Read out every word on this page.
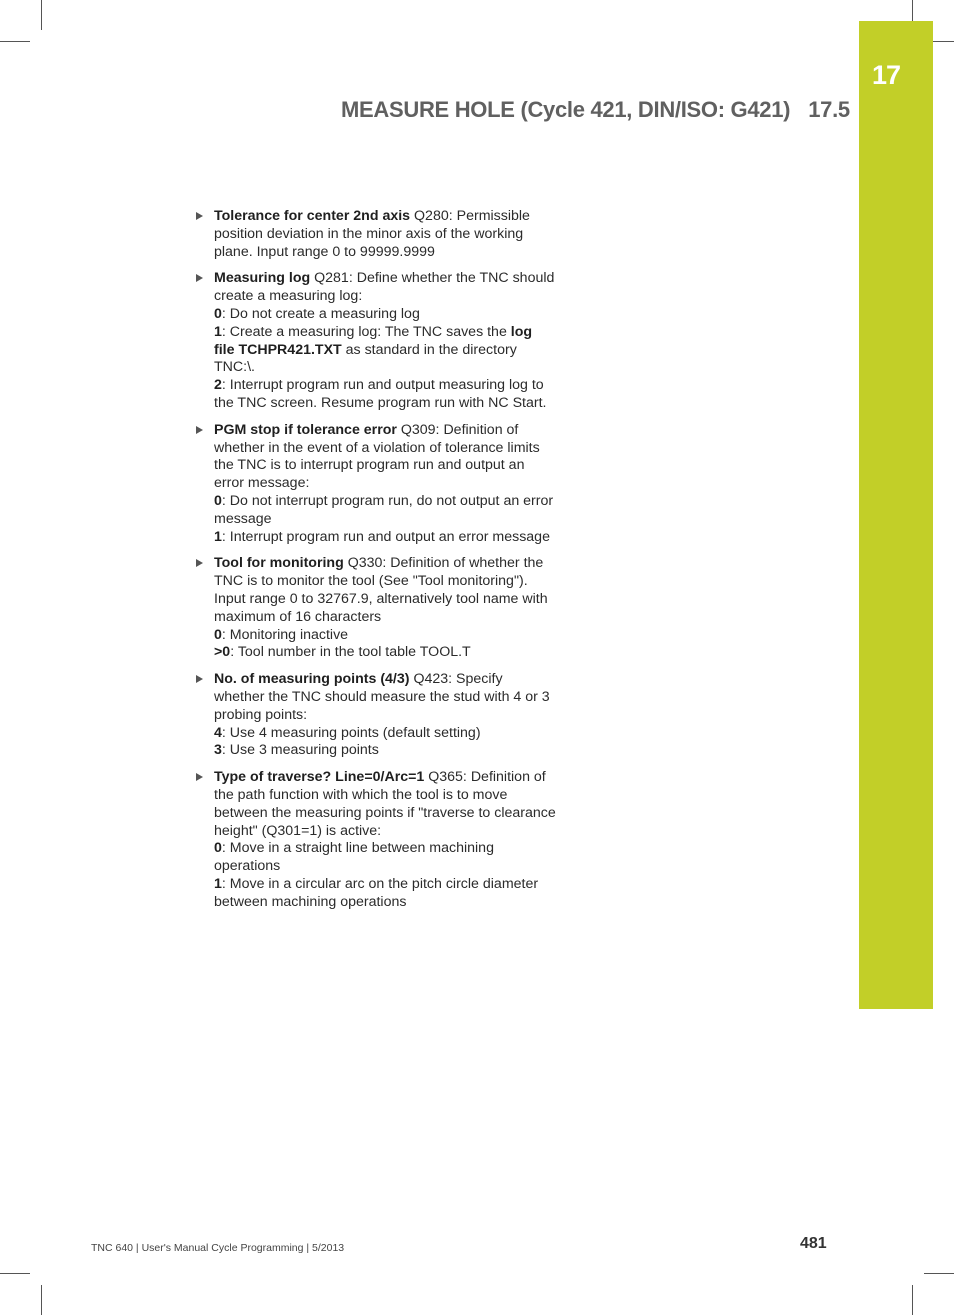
17
MEASURE HOLE (Cycle 421, DIN/ISO: G421) 17.5
Tolerance for center 2nd axis Q280: Permissible position deviation in the minor axis of the working plane. Input range 0 to 99999.9999
Measuring log Q281: Define whether the TNC should create a measuring log:
0: Do not create a measuring log
1: Create a measuring log: The TNC saves the log file TCHPR421.TXT as standard in the directory TNC:\.
2: Interrupt program run and output measuring log to the TNC screen. Resume program run with NC Start.
PGM stop if tolerance error Q309: Definition of whether in the event of a violation of tolerance limits the TNC is to interrupt program run and output an error message:
0: Do not interrupt program run, do not output an error message
1: Interrupt program run and output an error message
Tool for monitoring Q330: Definition of whether the TNC is to monitor the tool (See "Tool monitoring"). Input range 0 to 32767.9, alternatively tool name with maximum of 16 characters
0: Monitoring inactive
>0: Tool number in the tool table TOOL.T
No. of measuring points (4/3) Q423: Specify whether the TNC should measure the stud with 4 or 3 probing points:
4: Use 4 measuring points (default setting)
3: Use 3 measuring points
Type of traverse? Line=0/Arc=1 Q365: Definition of the path function with which the tool is to move between the measuring points if "traverse to clearance height" (Q301=1) is active:
0: Move in a straight line between machining operations
1: Move in a circular arc on the pitch circle diameter between machining operations
TNC 640 | User's Manual Cycle Programming | 5/2013	481
